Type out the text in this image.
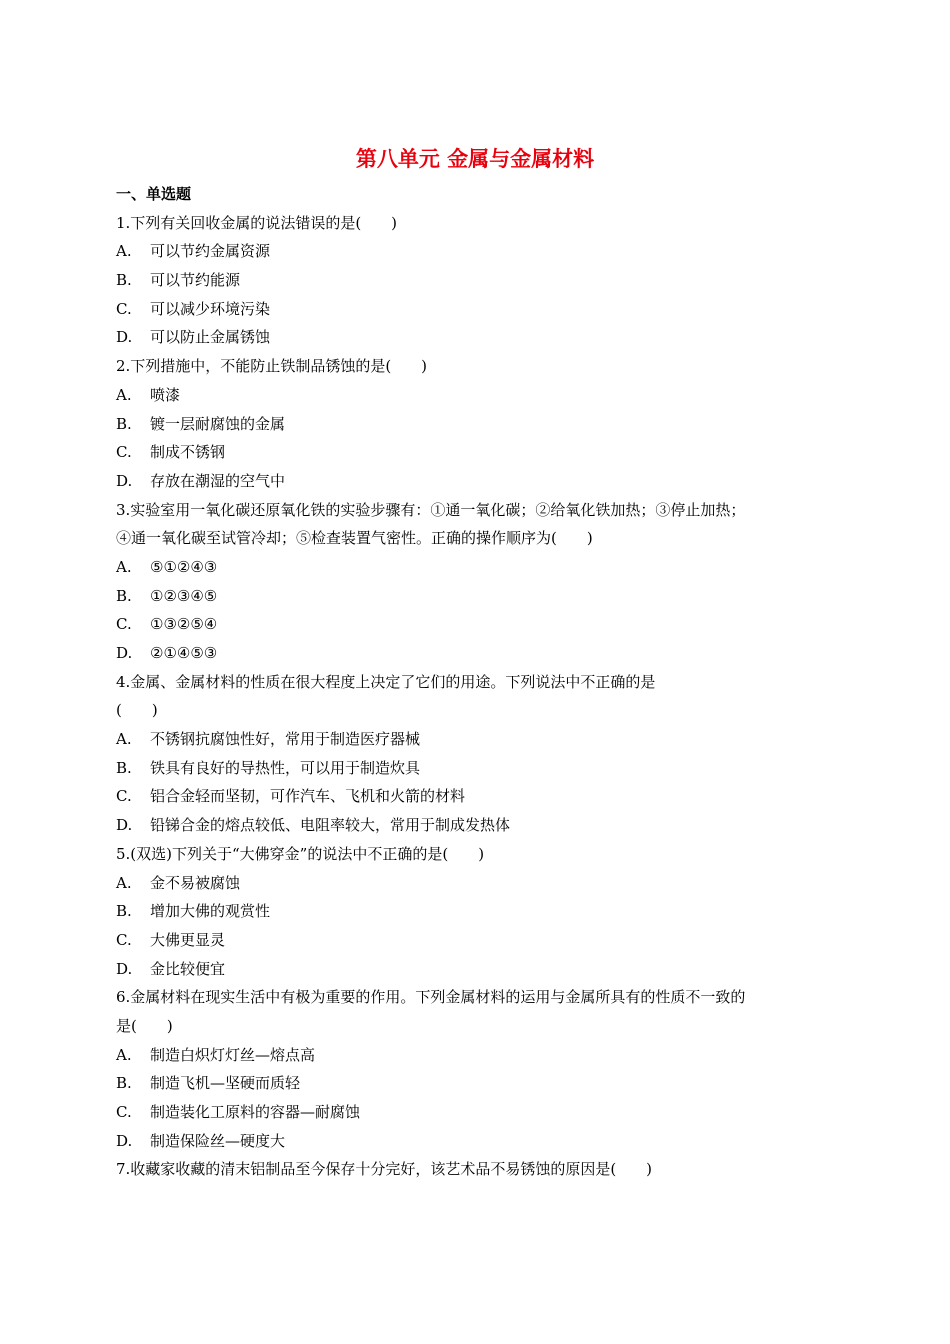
第八单元 金属与金属材料
一、单选题
1.下列有关回收金属的说法错误的是(　　)
A.	可以节约金属资源
B.	可以节约能源
C.	可以减少环境污染
D.	可以防止金属锈蚀
2.下列措施中，不能防止铁制品锈蚀的是(　　)
A.	喷漆
B.	镀一层耐腐蚀的金属
C.	制成不锈钢
D.	存放在潮湿的空气中
3.实验室用一氧化碳还原氧化铁的实验步骤有：①通一氧化碳；②给氧化铁加热；③停止加热；
④通一氧化碳至试管冷却；⑤检查装置气密性。正确的操作顺序为(　　)
A.	⑤①②④③
B.	①②③④⑤
C.	①③②⑤④
D.	②①④⑤③
4.金属、金属材料的性质在很大程度上决定了它们的用途。下列说法中不正确的是
(　　)
A.	不锈钢抗腐蚀性好，常用于制造医疗器械
B.	铁具有良好的导热性，可以用于制造炊具
C.	铝合金轻而坚韧，可作汽车、飞机和火箭的材料
D.	铅锑合金的熔点较低、电阻率较大，常用于制成发热体
5.(双选)下列关于“大佛穿金”的说法中不正确的是(　　)
A.	金不易被腐蚀
B.	增加大佛的观赏性
C.	大佛更显灵
D.	金比较便宜
6.金属材料在现实生活中有极为重要的作用。下列金属材料的运用与金属所具有的性质不一致的
是(　　)
A.	制造白炽灯灯丝—熔点高
B.	制造飞机—坚硬而质轻
C.	制造装化工原料的容器—耐腐蚀
D.	制造保险丝—硬度大
7.收藏家收藏的清末铝制品至今保存十分完好，该艺术品不易锈蚀的原因是(　　)
